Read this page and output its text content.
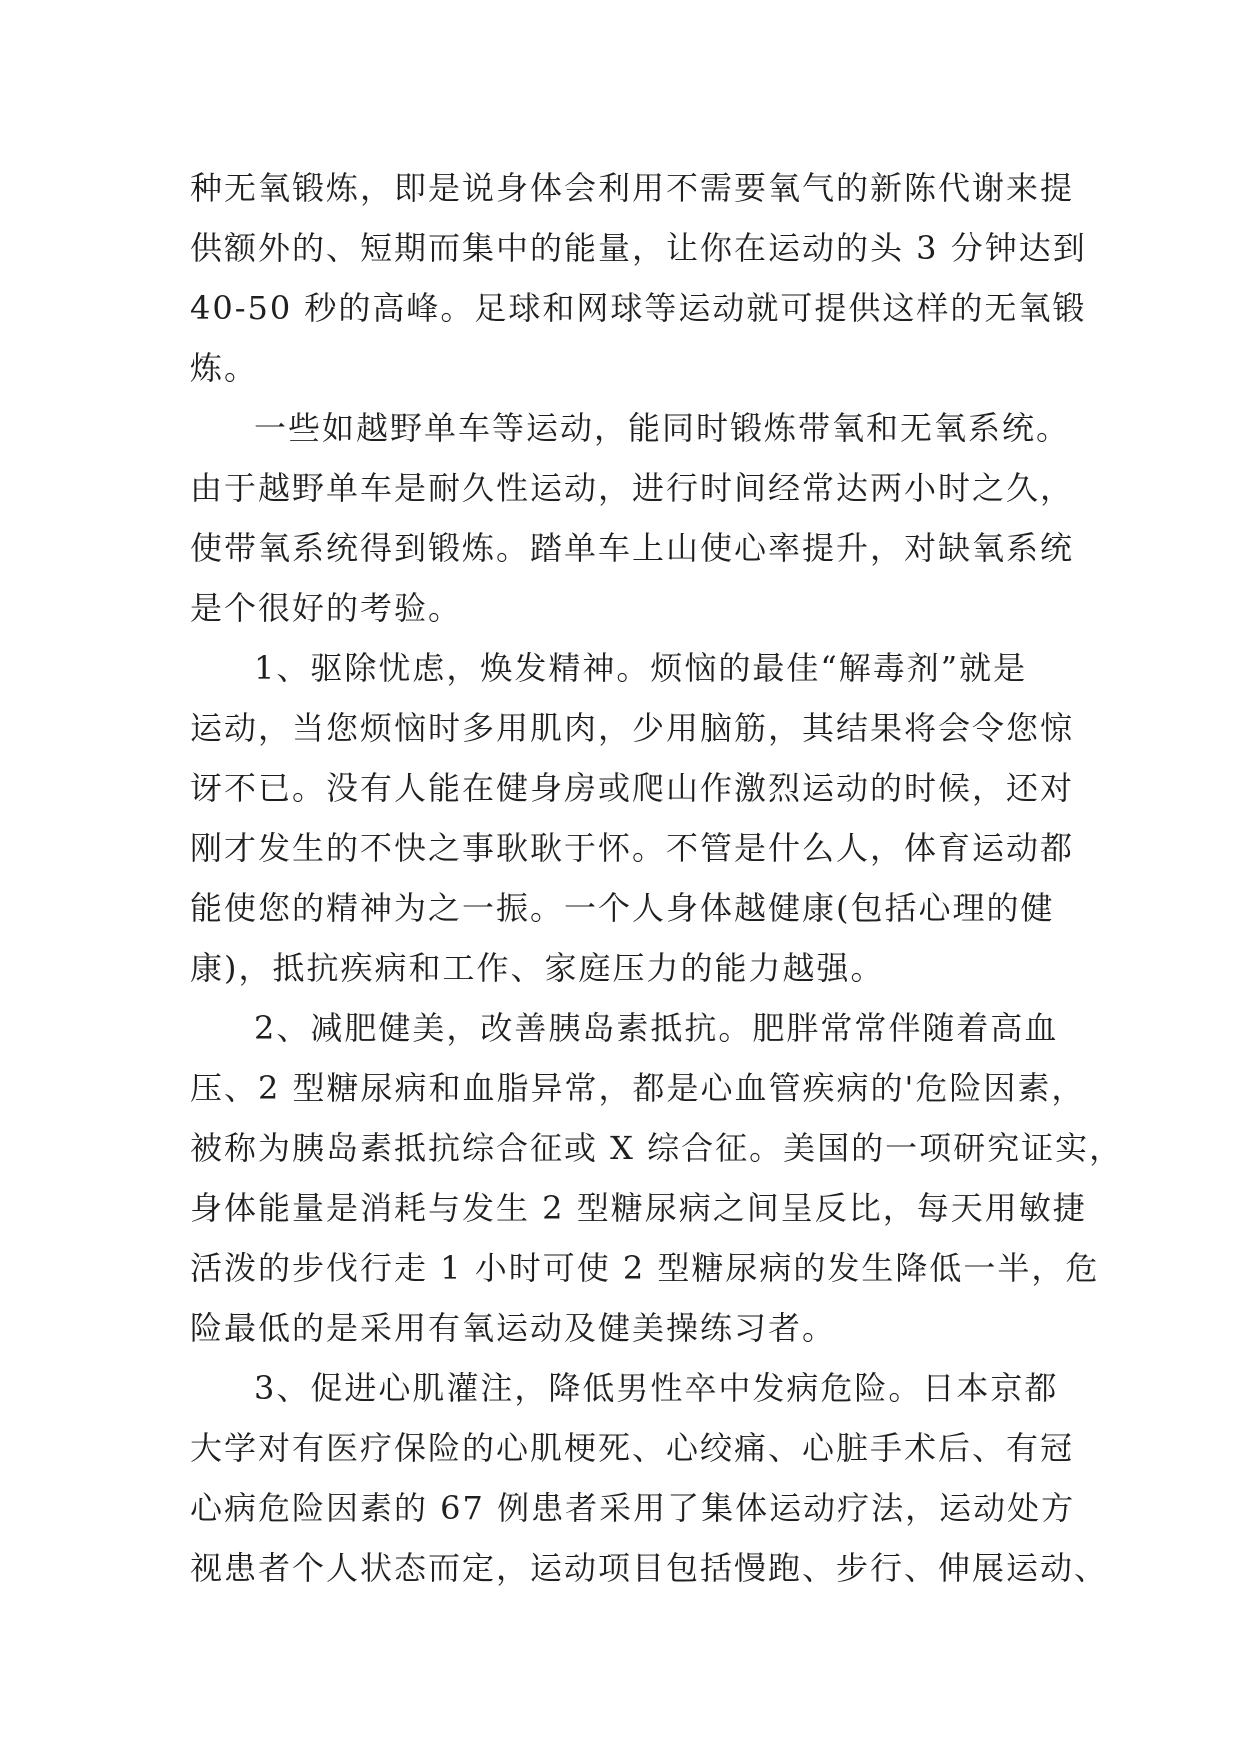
种无氧锻炼，即是说身体会利用不需要氧气的新陈代谢来提
供额外的、短期而集中的能量，让你在运动的头 3 分钟达到
40-50 秒的高峰。足球和网球等运动就可提供这样的无氧锻
炼。
一些如越野单车等运动，能同时锻炼带氧和无氧系统。
由于越野单车是耐久性运动，进行时间经常达两小时之久，
使带氧系统得到锻炼。踏单车上山使心率提升，对缺氧系统
是个很好的考验。
1、驱除忧虑，焕发精神。烦恼的最佳“解毒剂”就是
运动，当您烦恼时多用肌肉，少用脑筋，其结果将会令您惊
讶不已。没有人能在健身房或爬山作激烈运动的时候，还对
刚才发生的不快之事耿耿于怀。不管是什么人，体育运动都
能使您的精神为之一振。一个人身体越健康(包括心理的健
康)，抵抗疾病和工作、家庭压力的能力越强。
2、减肥健美，改善胰岛素抵抗。肥胖常常伴随着高血
压、2 型糖尿病和血脂异常，都是心血管疾病的'危险因素，
被称为胰岛素抵抗综合征或 X 综合征。美国的一项研究证实，
身体能量是消耗与发生 2 型糖尿病之间呈反比，每天用敏捷
活泼的步伐行走 1 小时可使 2 型糖尿病的发生降低一半，危
险最低的是采用有氧运动及健美操练习者。
3、促进心肌灌注，降低男性卒中发病危险。日本京都
大学对有医疗保险的心肌梗死、心绞痛、心脏手术后、有冠
心病危险因素的 67 例患者采用了集体运动疗法，运动处方
视患者个人状态而定，运动项目包括慢跑、步行、伸展运动、
